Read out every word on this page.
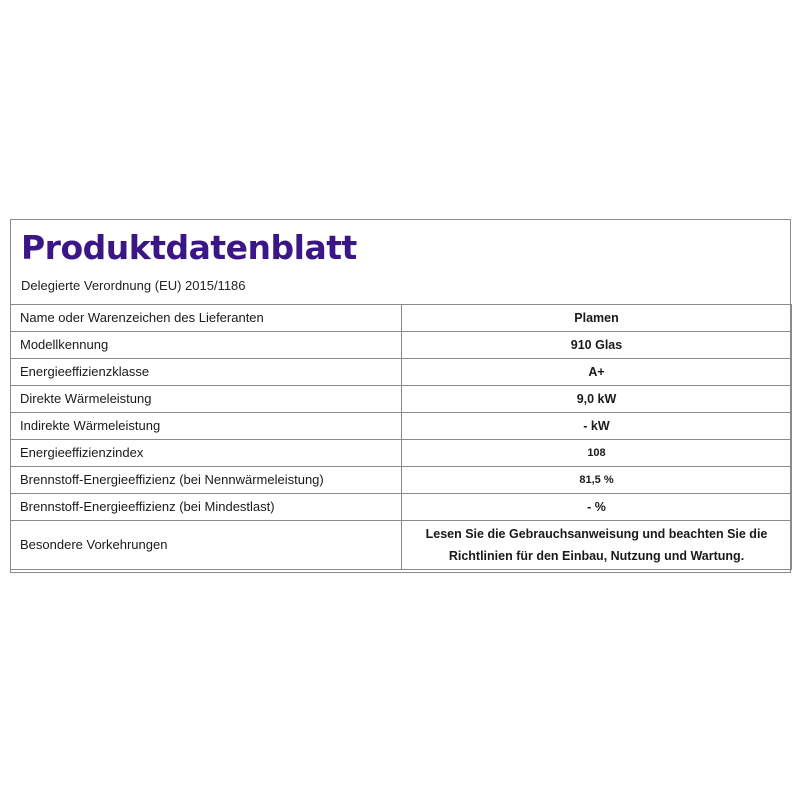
Produktdatenblatt
Delegierte Verordnung (EU) 2015/1186
Name oder Warenzeichen des Lieferanten	Plamen
Modellkennung	910 Glas
Energieeffizienzklasse	A+
Direkte Wärmeleistung	9,0 kW
Indirekte Wärmeleistung	- kW
Energieeffizienzindex	108
Brennstoff-Energieeffizienz (bei Nennwärmeleistung)	81,5 %
Brennstoff-Energieeffizienz (bei Mindestlast)	- %
Besondere Vorkehrungen	Lesen Sie die Gebrauchsanweisung und beachten Sie die Richtlinien für den Einbau, Nutzung und Wartung.
